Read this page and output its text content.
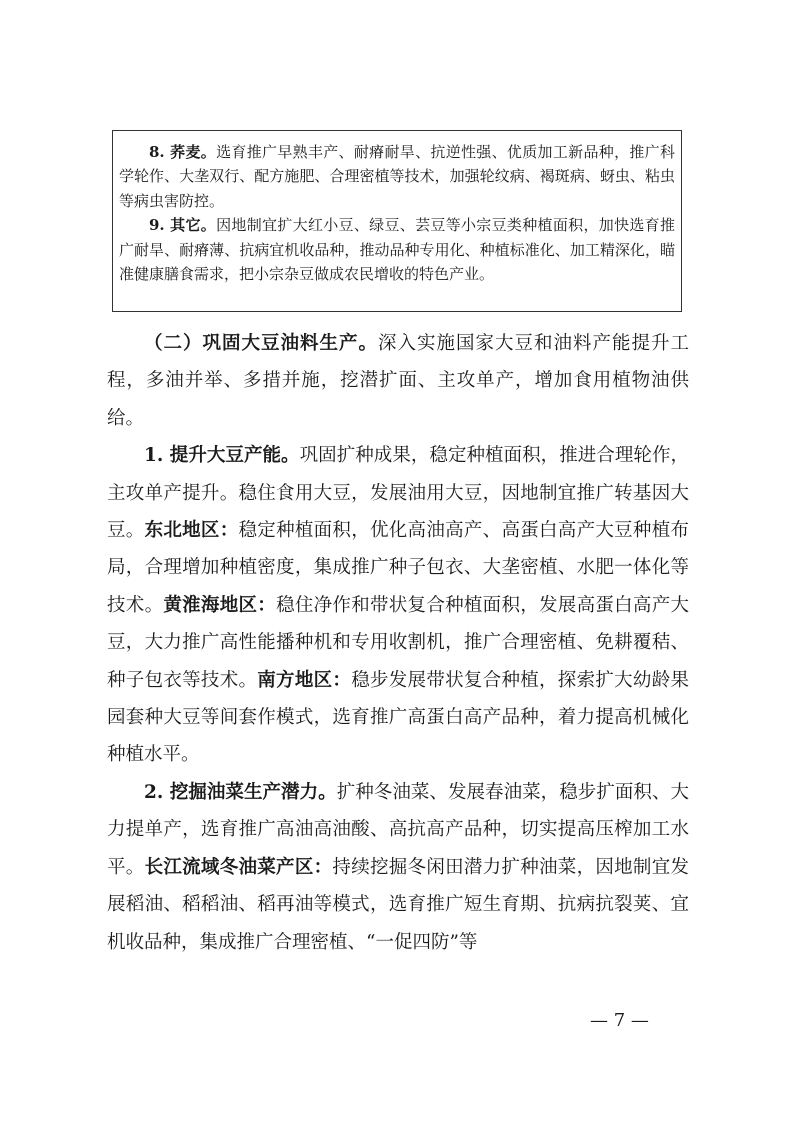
8. 荞麦。选育推广早熟丰产、耐瘠耐旱、抗逆性强、优质加工新品种，推广科学轮作、大垄双行、配方施肥、合理密植等技术，加强轮纹病、褐斑病、蚜虫、粘虫等病虫害防控。

9. 其它。因地制宜扩大红小豆、绿豆、芸豆等小宗豆类种植面积，加快选育推广耐旱、耐瘠薄、抗病宜机收品种，推动品种专用化、种植标准化、加工精深化，瞄准健康膳食需求，把小宗杂豆做成农民增收的特色产业。

（二）巩固大豆油料生产。深入实施国家大豆和油料产能提升工程，多油并举、多措并施，挖潜扩面、主攻单产，增加食用植物油供给。

1. 提升大豆产能。巩固扩种成果，稳定种植面积，推进合理轮作，主攻单产提升。稳住食用大豆，发展油用大豆，因地制宜推广转基因大豆。东北地区：稳定种植面积，优化高油高产、高蛋白高产大豆种植布局，合理增加种植密度，集成推广种子包衣、大垄密植、水肥一体化等技术。黄淮海地区：稳住净作和带状复合种植面积，发展高蛋白高产大豆，大力推广高性能播种机和专用收割机，推广合理密植、免耕覆秸、种子包衣等技术。南方地区：稳步发展带状复合种植，探索扩大幼龄果园套种大豆等间套作模式，选育推广高蛋白高产品种，着力提高机械化种植水平。

2. 挖掘油菜生产潜力。扩种冬油菜、发展春油菜，稳步扩面积、大力提单产，选育推广高油高油酸、高抗高产品种，切实提高压榨加工水平。长江流域冬油菜产区：持续挖掘冬闲田潜力扩种油菜，因地制宜发展稻油、稻稻油、稻再油等模式，选育推广短生育期、抗病抗裂荚、宜机收品种，集成推广合理密植、“一促四防”等

— 7 —
